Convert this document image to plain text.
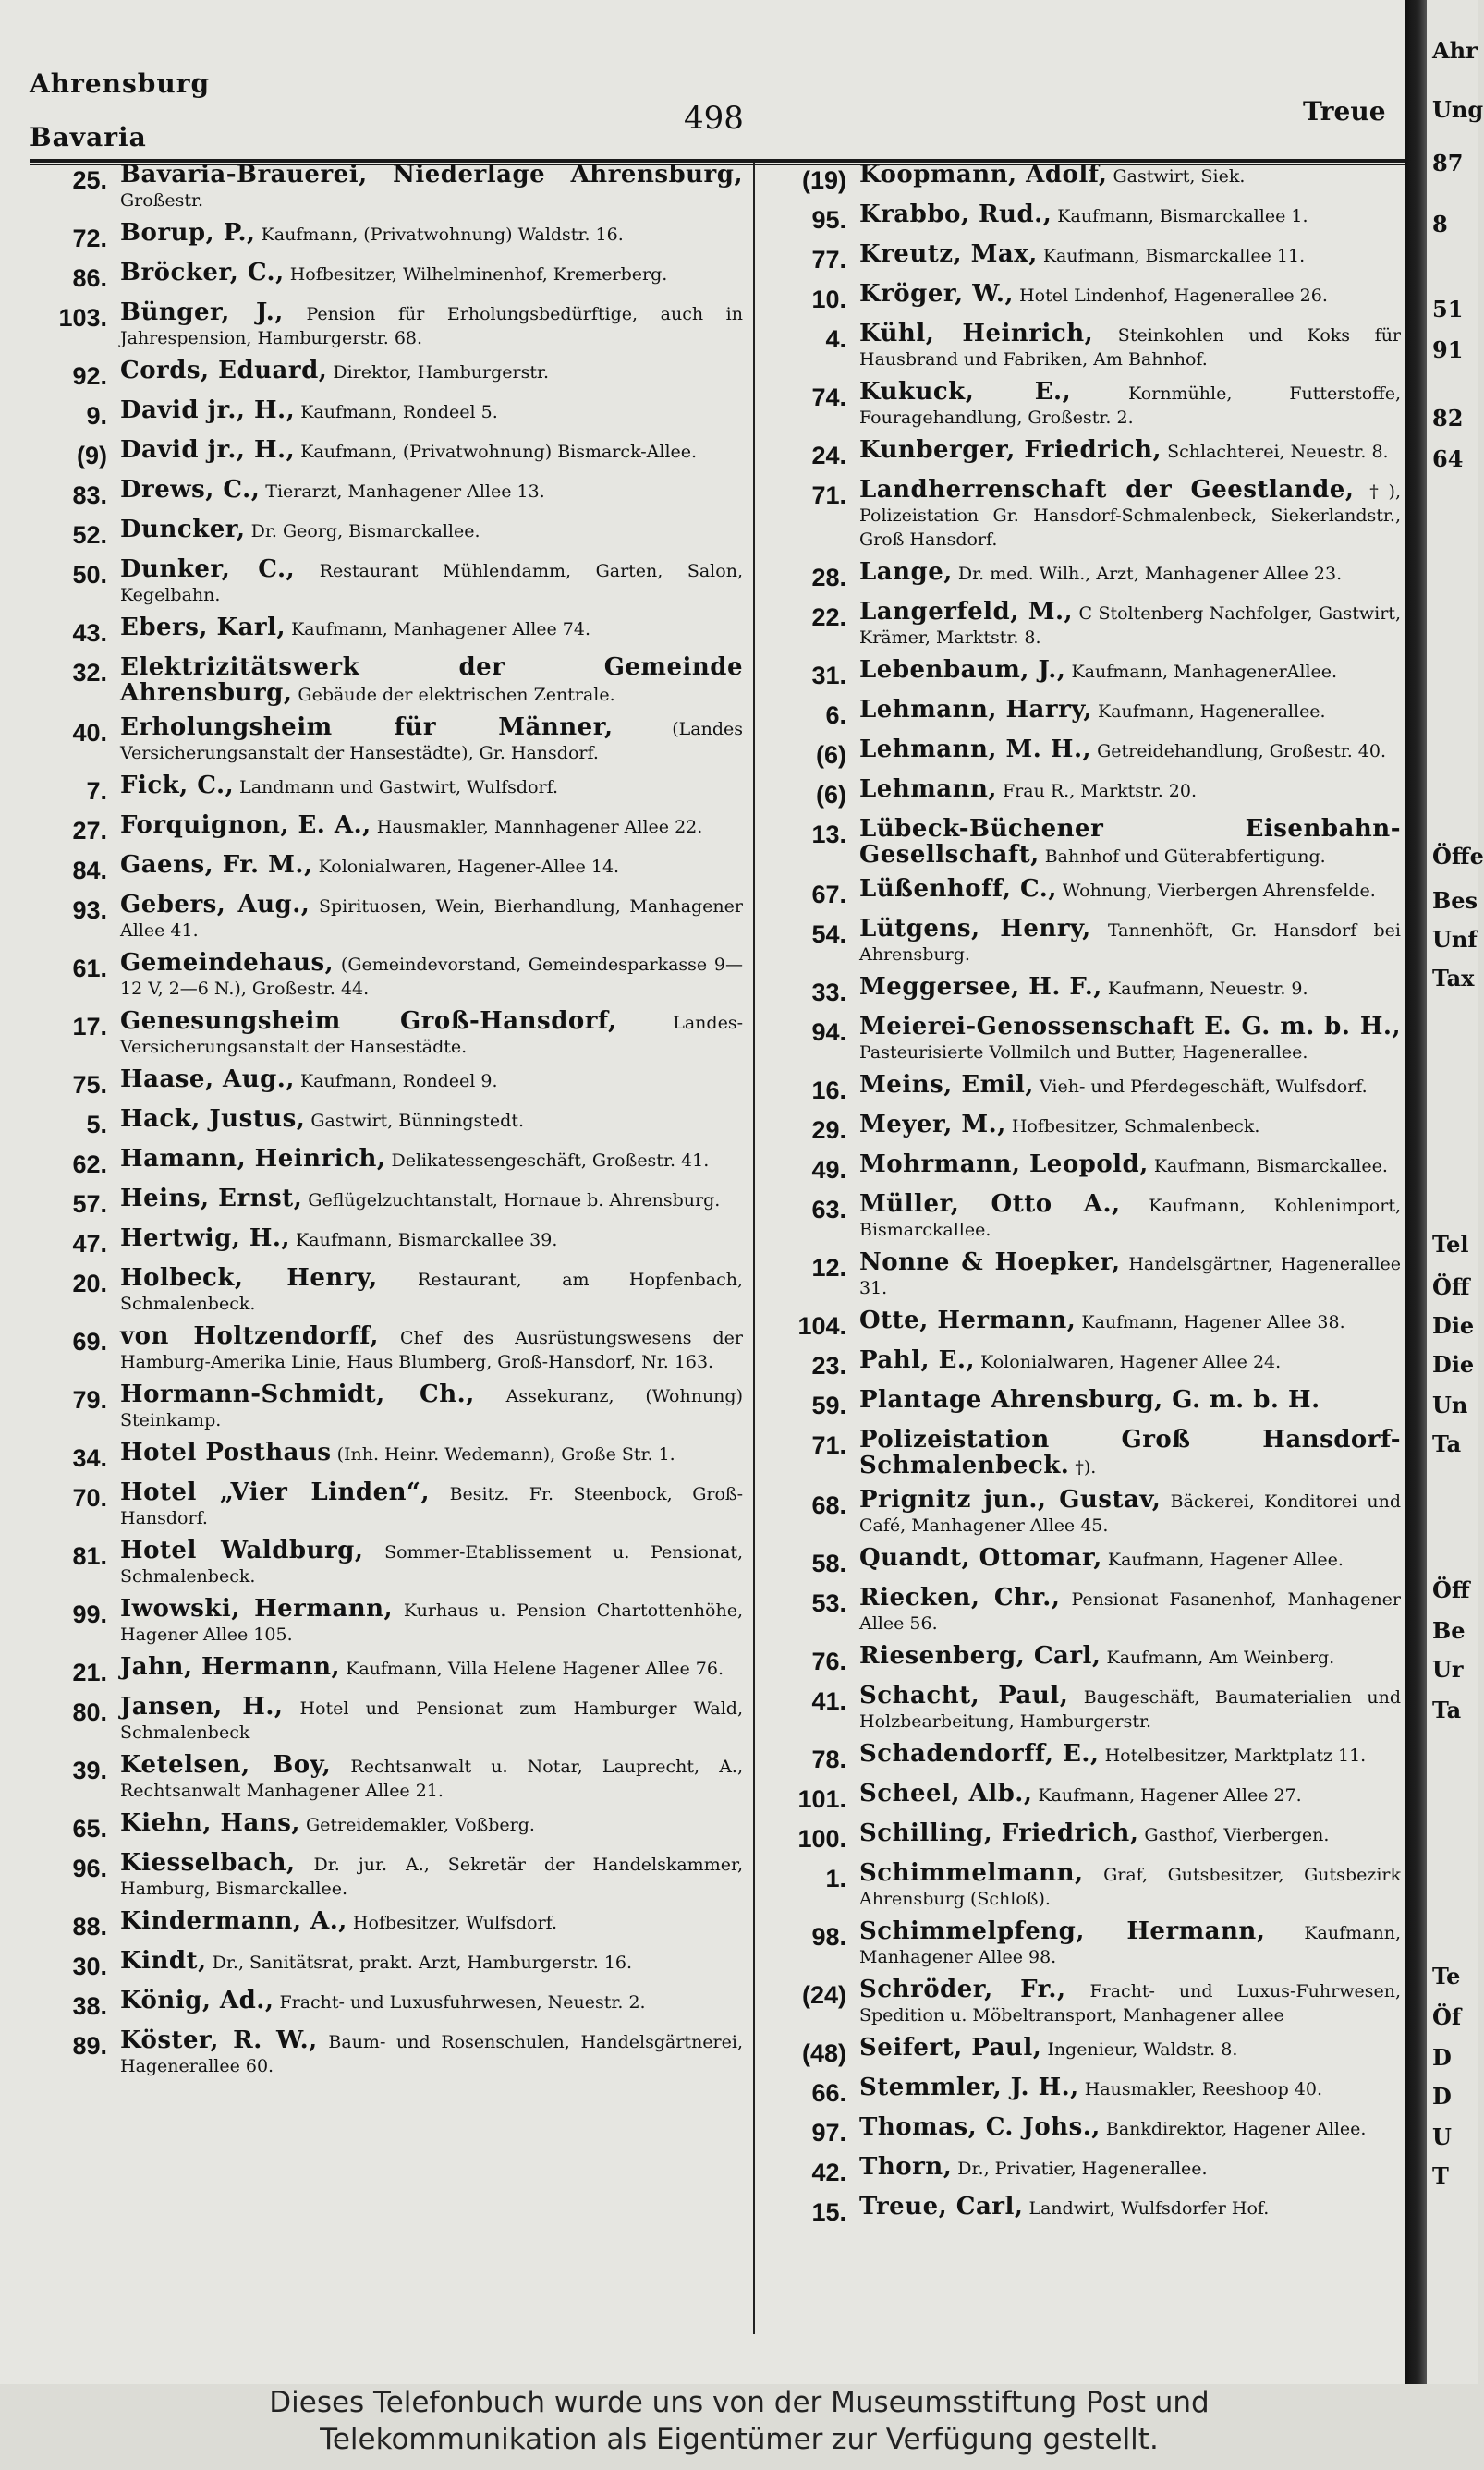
Ahrensburg
Bavaria
498	Treue
25. Bavaria-Brauerei, Niederlage Ahrensburg, Großestr.
72. Borup, P., Kaufmann, (Privatwohnung) Waldstr. 16.
86. Bröcker, C., Hofbesitzer, Wilhelminenhof, Kremerberg.
103. Bünger, J., Pension für Erholungsbedürftige, auch in Jahrespension, Hamburgerstr. 68.
92. Cords, Eduard, Direktor, Hamburgerstr.
9. David jr., H., Kaufmann, Rondeel 5.
(9) David jr., H., Kaufmann, (Privatwohnung) Bismarck-Allee.
83. Drews, C., Tierarzt, Manhagener Allee 13.
52. Duncker, Dr. Georg, Bismarckallee.
50. Dunker, C., Restaurant Mühlendamm, Garten, Salon, Kegelbahn.
43. Ebers, Karl, Kaufmann, Manhagener Allee 74.
32. Elektrizitätswerk der Gemeinde Ahrensburg, Gebäude der elektrischen Zentrale.
40. Erholungsheim für Männer,	(Landes Versicherungsanstalt der Hansestädte), Gr. Hansdorf.
7. Fick, C., Landmann und Gastwirt, Wulfsdorf.
27. Forquignon, E. A., Hausmakler, Mannhagener Allee 22.
84. Gaens, Fr. M., Kolonialwaren, Hagener-Allee 14.
93. Gebers, Aug., Spirituosen, Wein, Bierhandlung, Manhagener Allee 41.
61. Gemeindehaus, (Gemeindevorstand, Gemeindesparkasse 9—12 V, 2—6 N.), Großestr. 44.
17. Genesungsheim Groß-Hansdorf,	Landes-Versicherungsanstalt der Hansestädte.
75. Haase, Aug., Kaufmann, Rondeel 9.
5. Hack, Justus, Gastwirt, Bünningstedt.
62. Hamann, Heinrich, Delikatessengeschäft, Großestr. 41.
57. Heins, Ernst, Geflügelzuchtanstalt, Hornaue b. Ahrensburg.
47. Hertwig, H., Kaufmann, Bismarckallee 39.
20. Holbeck, Henry, Restaurant, am Hopfenbach, Schmalenbeck.
69. von Holtzendorff, Chef des Ausrüstungswesens der Hamburg-Amerika Linie, Haus Blumberg, Groß-Hansdorf, Nr. 163.
79. Hormann-Schmidt, Ch., Assekuranz, (Wohnung) Steinkamp.
34. Hotel Posthaus (Inh. Heinr. Wedemann), Große Str. 1.
70. Hotel „Vier Linden“, Besitz. Fr. Steenbock, Groß-Hansdorf.
81. Hotel Waldburg, Sommer-Etablissement u. Pensionat, Schmalenbeck.
99. Iwowski, Hermann, Kurhaus u. Pension Chartottenhöhe, Hagener Allee 105.
21. Jahn, Hermann, Kaufmann, Villa Helene Hagener Allee 76.
80. Jansen, H., Hotel und Pensionat zum Hamburger Wald, Schmalenbeck
39. Ketelsen, Boy, Rechtsanwalt u. Notar, Lauprecht, A., Rechtsanwalt Manhagener Allee 21.
65. Kiehn, Hans, Getreidemakler, Voßberg.
96. Kiesselbach, Dr. jur. A., Sekretär der Handelskammer, Hamburg, Bismarckallee.
88. Kindermann, A., Hofbesitzer, Wulfsdorf.
30. Kindt, Dr., Sanitätsrat, prakt. Arzt, Hamburgerstr. 16.
38. König, Ad., Fracht- und Luxusfuhrwesen, Neuestr. 2.
89. Köster, R. W., Baum- und Rosenschulen, Handelsgärtnerei, Hagenerallee 60.
(19) Koopmann, Adolf, Gastwirt, Siek.
95. Krabbo, Rud., Kaufmann, Bismarckallee 1.
77. Kreutz, Max, Kaufmann, Bismarckallee 11.
10. Kröger, W., Hotel Lindenhof, Hagenerallee 26.
4. Kühl, Heinrich, Steinkohlen und Koks für Hausbrand und Fabriken, Am Bahnhof.
74. Kukuck, E.,	Kornmühle, Futterstoffe, Fouragehandlung, Großestr. 2.
24. Kunberger, Friedrich, Schlachterei, Neuestr. 8.
71. Landherrenschaft der Geestlande, †), Polizeistation Gr. Hansdorf-Schmalenbeck, Siekerlandstr., Groß Hansdorf.
28. Lange, Dr. med. Wilh., Arzt, Manhagener Allee 23.
22. Langerfeld, M., C Stoltenberg Nachfolger, Gastwirt, Krämer, Marktstr. 8.
31. Lebenbaum, J., Kaufmann, ManhagenerAllee.
6. Lehmann, Harry, Kaufmann, Hagenerallee.
(6) Lehmann, M. H., Getreidehandlung, Großestr. 40.
(6) Lehmann, Frau R., Marktstr. 20.
13. Lübeck-Büchener Eisenbahn-Gesellschaft, Bahnhof und Güterabfertigung.
67. Lüßenhoff, C., Wohnung, Vierbergen Ahrensfelde.
54. Lütgens, Henry, Tannenhöft, Gr. Hansdorf bei Ahrensburg.
33. Meggersee, H. F., Kaufmann, Neuestr. 9.
94. Meierei-Genossenschaft E. G. m. b. H., Pasteurisierte Vollmilch und Butter, Hagenerallee.
16. Meins, Emil, Vieh- und Pferdegeschäft, Wulfsdorf.
29. Meyer, M., Hofbesitzer, Schmalenbeck.
49. Mohrmann, Leopold, Kaufmann, Bismarckallee.
63. Müller, Otto A., Kaufmann, Kohlenimport, Bismarckallee.
12. Nonne & Hoepker, Handelsgärtner, Hagenerallee 31.
104. Otte, Hermann, Kaufmann, Hagener Allee 38.
23. Pahl, E., Kolonialwaren, Hagener Allee 24.
59. Plantage Ahrensburg, G. m. b. H.
71. Polizeistation Groß Hansdorf-Schmalenbeck. †).
68. Prignitz jun., Gustav, Bäckerei, Konditorei und Café, Manhagener Allee 45.
58. Quandt, Ottomar, Kaufmann, Hagener Allee.
53. Riecken, Chr., Pensionat Fasanenhof, Manhagener Allee 56.
76. Riesenberg, Carl, Kaufmann, Am Weinberg.
41. Schacht, Paul, Baugeschäft, Baumaterialien und Holzbearbeitung, Hamburgerstr.
78. Schadendorff, E., Hotelbesitzer, Marktplatz 11.
101. Scheel, Alb., Kaufmann, Hagener Allee 27.
100. Schilling, Friedrich, Gasthof, Vierbergen.
1. Schimmelmann, Graf, Gutsbesitzer, Gutsbezirk Ahrensburg (Schloß).
98. Schimmelpfeng, Hermann, Kaufmann, Manhagener Allee 98.
(24) Schröder, Fr., Fracht- und Luxus-Fuhrwesen, Spedition u. Möbeltransport, Manhagener allee
(48) Seifert, Paul, Ingenieur, Waldstr. 8.
66. Stemmler, J. H., Hausmakler, Reeshoop 40.
97. Thomas, C. Johs., Bankdirektor, Hagener Allee.
42. Thorn, Dr., Privatier, Hagenerallee.
15. Treue, Carl, Landwirt, Wulfsdorfer Hof.
Ahr
Ung
87
8
51
91
82
64
Öffe
Bes
Unf
Tax
Tel
Öff
Die
Die
Un
Ta
Öff
Be
Ur
Ta
Te
Öf
D
D
U
T
Dieses Telefonbuch wurde uns von der Museumsstiftung Post und
Telekommunikation als Eigentümer zur Verfügung gestellt.
